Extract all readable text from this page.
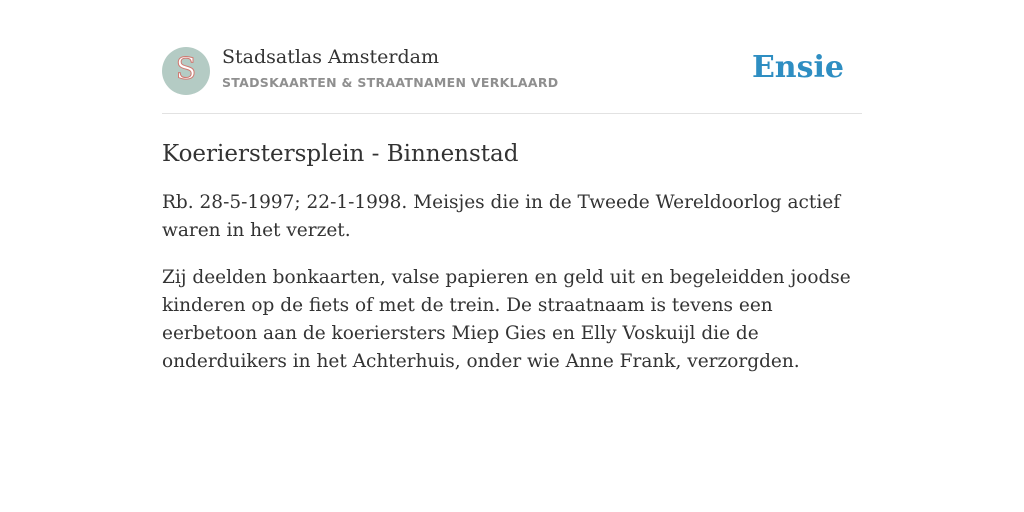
S Stadsatlas Amsterdam
STADSKAARTEN & STRAATNAMEN VERKLAARD	Ensie
Koerierstersplein - Binnenstad

Rb. 28-5-1997; 22-1-1998. Meisjes die in de Tweede Wereldoorlog actief waren in het verzet.

Zij deelden bonkaarten, valse papieren en geld uit en begeleidden joodse kinderen op de fiets of met de trein. De straatnaam is tevens een eerbetoon aan de koeriersters Miep Gies en Elly Voskuijl die de onderduikers in het Achterhuis, onder wie Anne Frank, verzorgden.
